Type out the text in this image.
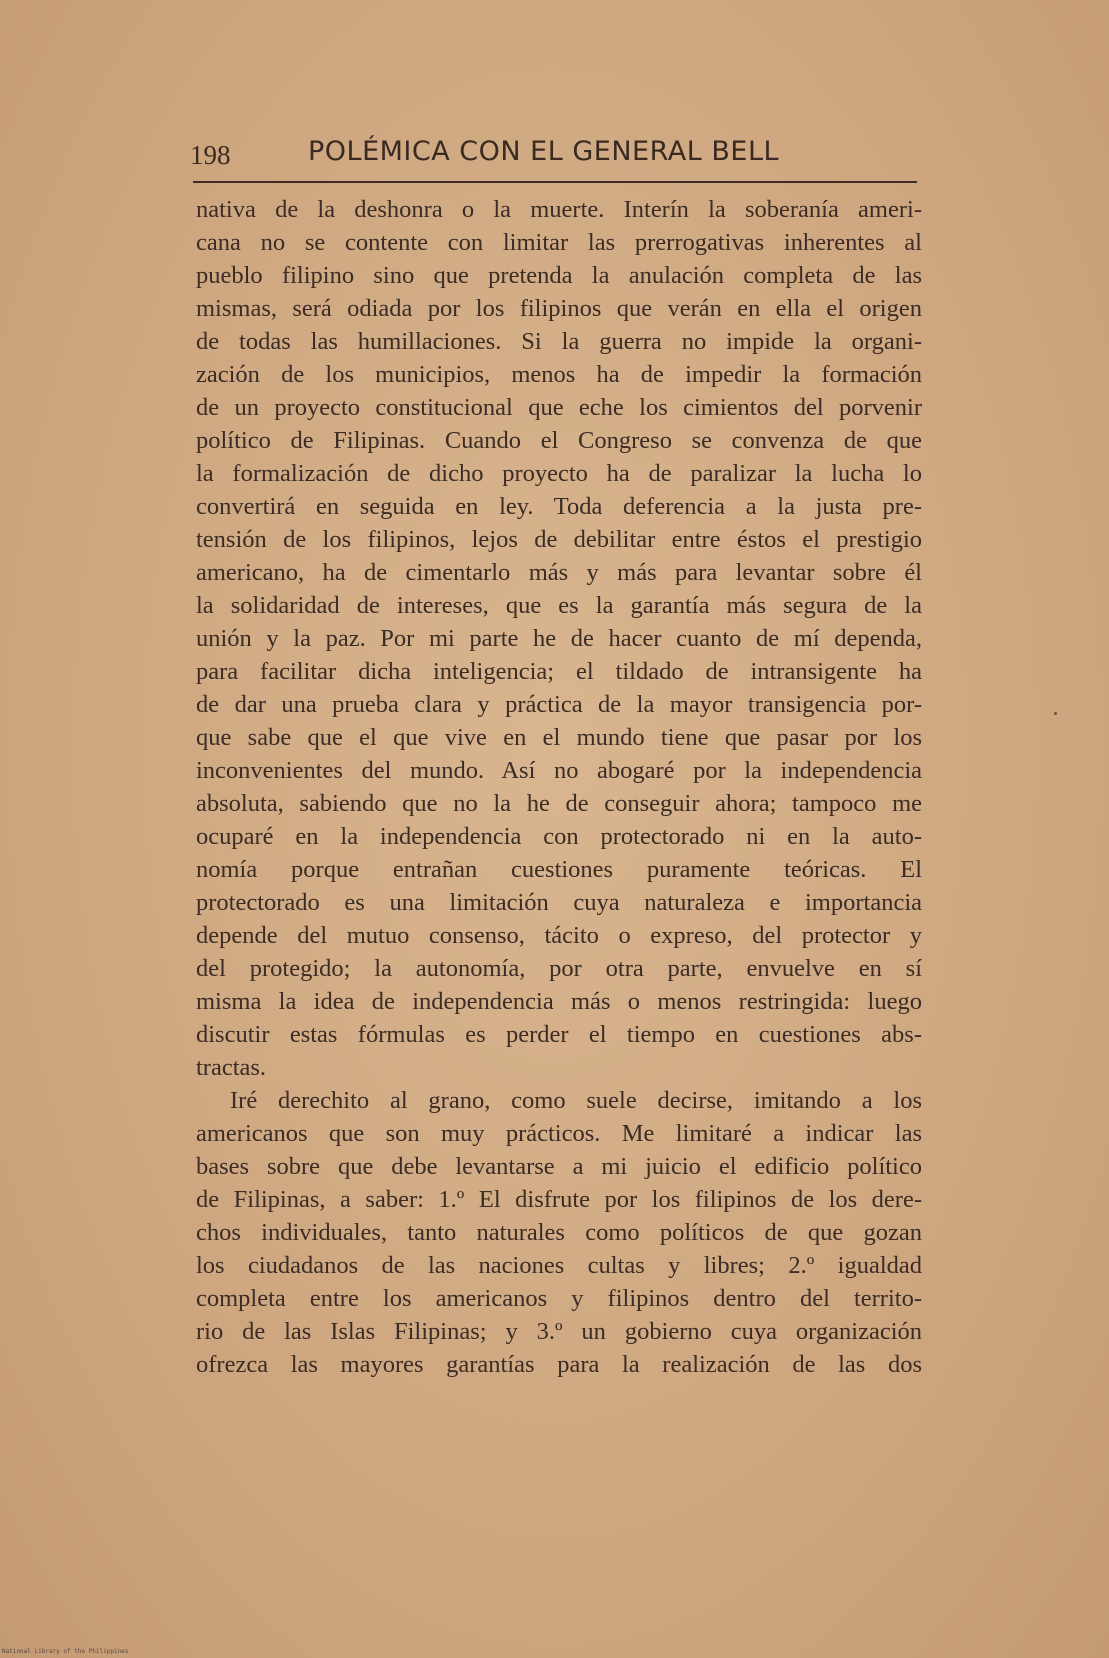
198	POLÉMICA CON EL GENERAL BELL
nativa de la deshonra o la muerte. Interín la soberanía ameri-
cana no se contente con limitar las prerrogativas inherentes al
pueblo filipino sino que pretenda la anulación completa de las
mismas, será odiada por los filipinos que verán en ella el origen
de todas las humillaciones. Si la guerra no impide la organi-
zación de los municipios, menos ha de impedir la formación
de un proyecto constitucional que eche los cimientos del porvenir
político de Filipinas. Cuando el Congreso se convenza de que
la formalización de dicho proyecto ha de paralizar la lucha lo
convertirá en seguida en ley. Toda deferencia a la justa pre-
tensión de los filipinos, lejos de debilitar entre éstos el prestigio
americano, ha de cimentarlo más y más para levantar sobre él
la solidaridad de intereses, que es la garantía más segura de la
unión y la paz. Por mi parte he de hacer cuanto de mí dependa,
para facilitar dicha inteligencia; el tildado de intransigente ha
de dar una prueba clara y práctica de la mayor transigencia por-
que sabe que el que vive en el mundo tiene que pasar por los
inconvenientes del mundo. Así no abogaré por la independencia
absoluta, sabiendo que no la he de conseguir ahora; tampoco me
ocuparé en la independencia con protectorado ni en la auto-
nomía porque entrañan cuestiones puramente teóricas. El
protectorado es una limitación cuya naturaleza e importancia
depende del mutuo consenso, tácito o expreso, del protector y
del protegido; la autonomía, por otra parte, envuelve en sí
misma la idea de independencia más o menos restringida: luego
discutir estas fórmulas es perder el tiempo en cuestiones abs-
tractas.
Iré derechito al grano, como suele decirse, imitando a los
americanos que son muy prácticos. Me limitaré a indicar las
bases sobre que debe levantarse a mi juicio el edificio político
de Filipinas, a saber: 1.º El disfrute por los filipinos de los dere-
chos individuales, tanto naturales como políticos de que gozan
los ciudadanos de las naciones cultas y libres; 2.º igualdad
completa entre los americanos y filipinos dentro del territo-
rio de las Islas Filipinas; y 3.º un gobierno cuya organización
ofrezca las mayores garantías para la realización de las dos
National Library of the Philippines
